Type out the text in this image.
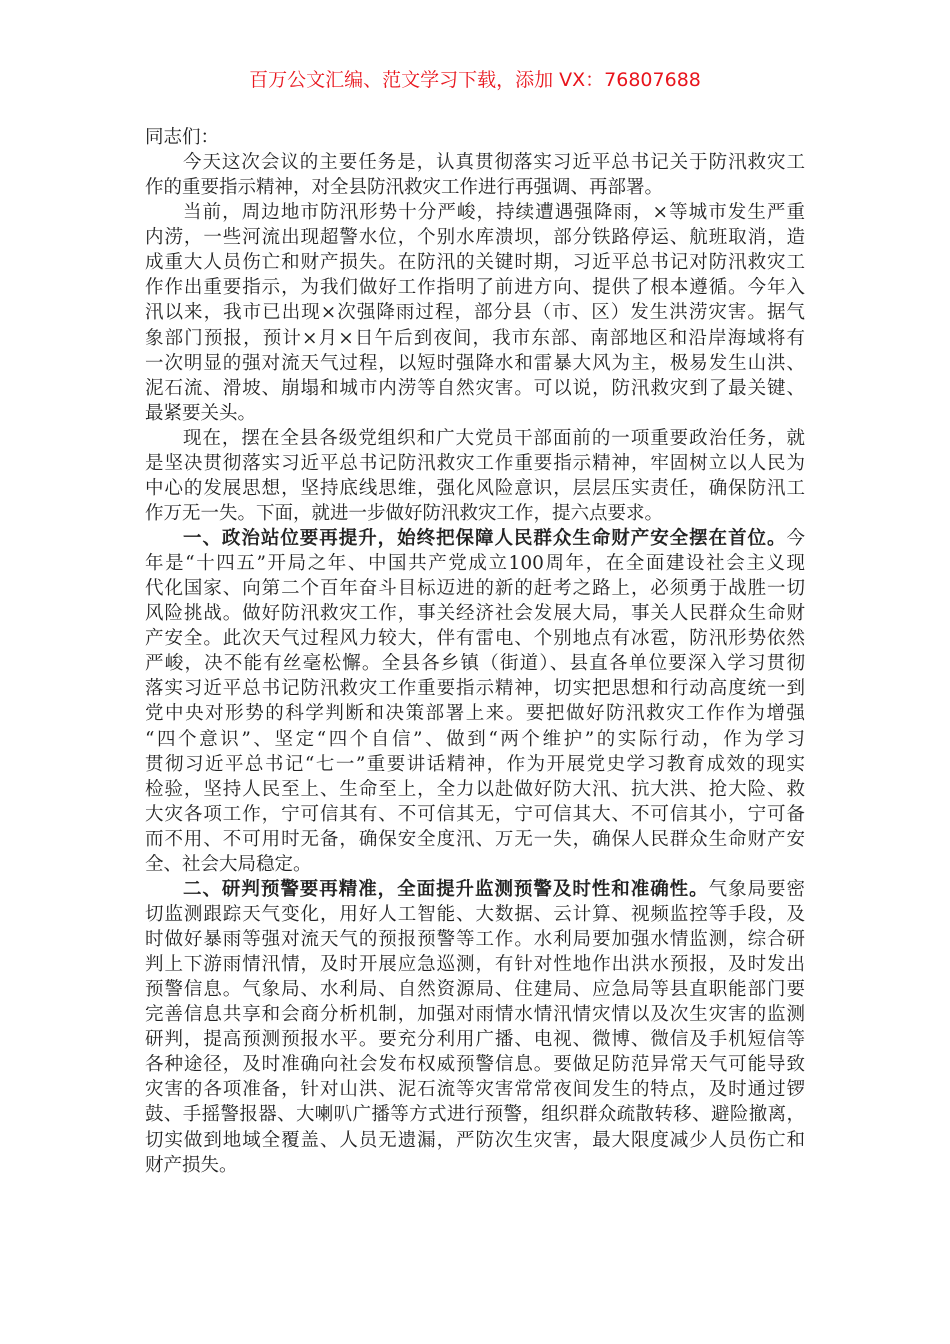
百万公文汇编、范文学习下载，添加 VX：76807688
同志们：
今天这次会议的主要任务是，认真贯彻落实习近平总书记关于防汛救灾工
作的重要指示精神，对全县防汛救灾工作进行再强调、再部署。
当前，周边地市防汛形势十分严峻，持续遭遇强降雨，×等城市发生严重
内涝，一些河流出现超警水位，个别水库溃坝，部分铁路停运、航班取消，造
成重大人员伤亡和财产损失。在防汛的关键时期，习近平总书记对防汛救灾工
作作出重要指示，为我们做好工作指明了前进方向、提供了根本遵循。今年入
汛以来，我市已出现×次强降雨过程，部分县（市、区）发生洪涝灾害。据气
象部门预报，预计×月×日午后到夜间，我市东部、南部地区和沿岸海域将有
一次明显的强对流天气过程，以短时强降水和雷暴大风为主，极易发生山洪、
泥石流、滑坡、崩塌和城市内涝等自然灾害。可以说，防汛救灾到了最关键、
最紧要关头。
现在，摆在全县各级党组织和广大党员干部面前的一项重要政治任务，就
是坚决贯彻落实习近平总书记防汛救灾工作重要指示精神，牢固树立以人民为
中心的发展思想，坚持底线思维，强化风险意识，层层压实责任，确保防汛工
作万无一失。下面，就进一步做好防汛救灾工作，提六点要求。
一、政治站位要再提升，始终把保障人民群众生命财产安全摆在首位。今
年是“十四五”开局之年、中国共产党成立100周年，在全面建设社会主义现
代化国家、向第二个百年奋斗目标迈进的新的赶考之路上，必须勇于战胜一切
风险挑战。做好防汛救灾工作，事关经济社会发展大局，事关人民群众生命财
产安全。此次天气过程风力较大，伴有雷电、个别地点有冰雹，防汛形势依然
严峻，决不能有丝毫松懈。全县各乡镇（街道）、县直各单位要深入学习贯彻
落实习近平总书记防汛救灾工作重要指示精神，切实把思想和行动高度统一到
党中央对形势的科学判断和决策部署上来。要把做好防汛救灾工作作为增强
“四个意识”、坚定“四个自信”、做到“两个维护”的实际行动，作为学习
贯彻习近平总书记“七一”重要讲话精神，作为开展党史学习教育成效的现实
检验，坚持人民至上、生命至上，全力以赴做好防大汛、抗大洪、抢大险、救
大灾各项工作，宁可信其有、不可信其无，宁可信其大、不可信其小，宁可备
而不用、不可用时无备，确保安全度汛、万无一失，确保人民群众生命财产安
全、社会大局稳定。
二、研判预警要再精准，全面提升监测预警及时性和准确性。气象局要密
切监测跟踪天气变化，用好人工智能、大数据、云计算、视频监控等手段，及
时做好暴雨等强对流天气的预报预警等工作。水利局要加强水情监测，综合研
判上下游雨情汛情，及时开展应急巡测，有针对性地作出洪水预报，及时发出
预警信息。气象局、水利局、自然资源局、住建局、应急局等县直职能部门要
完善信息共享和会商分析机制，加强对雨情水情汛情灾情以及次生灾害的监测
研判，提高预测预报水平。要充分利用广播、电视、微博、微信及手机短信等
各种途径，及时准确向社会发布权威预警信息。要做足防范异常天气可能导致
灾害的各项准备，针对山洪、泥石流等灾害常常夜间发生的特点，及时通过锣
鼓、手摇警报器、大喇叭广播等方式进行预警，组织群众疏散转移、避险撤离，
切实做到地域全覆盖、人员无遗漏，严防次生灾害，最大限度减少人员伤亡和
财产损失。
